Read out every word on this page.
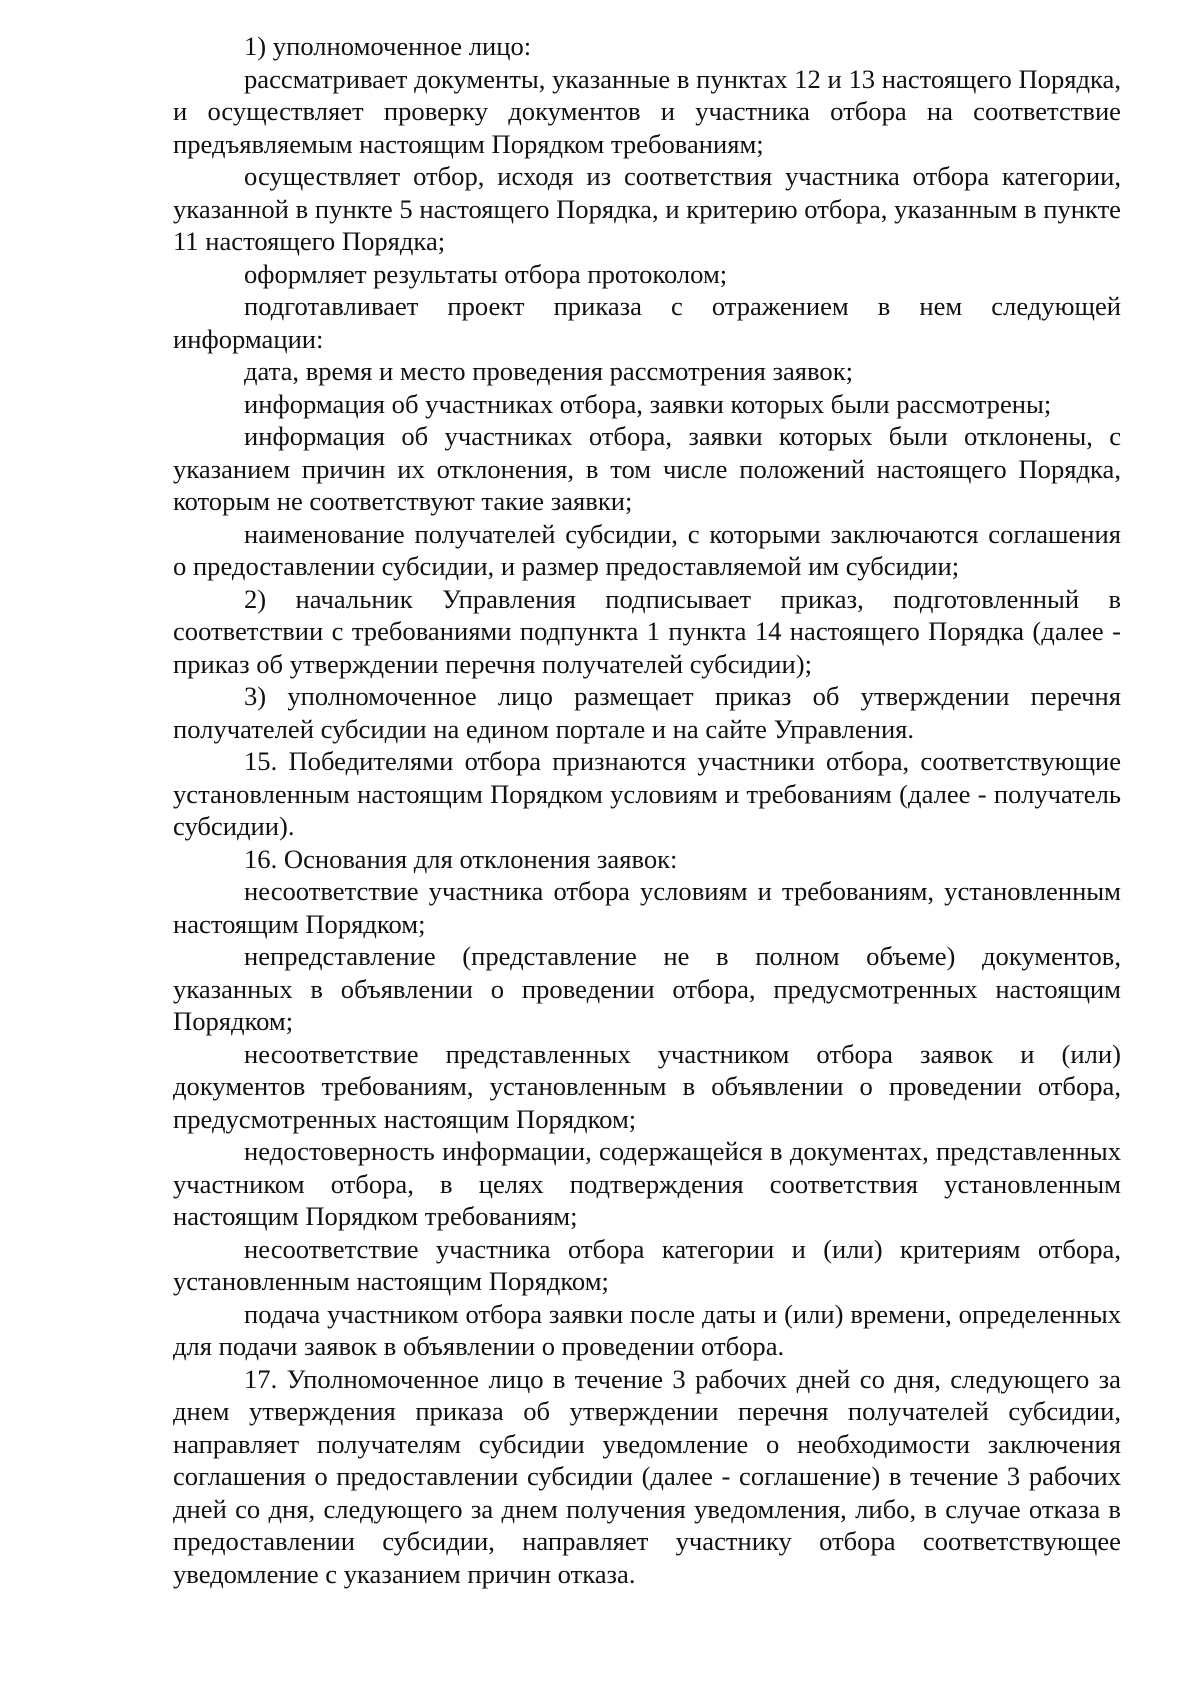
1) уполномоченное лицо:

рассматривает документы, указанные в пунктах 12 и 13 настоящего Порядка, и осуществляет проверку документов и участника отбора на соответствие предъявляемым настоящим Порядком требованиям;

осуществляет отбор, исходя из соответствия участника отбора категории, указанной в пункте 5 настоящего Порядка, и критерию отбора, указанным в пункте 11 настоящего Порядка;

оформляет результаты отбора протоколом;

подготавливает проект приказа с отражением в нем следующей информации:

дата, время и место проведения рассмотрения заявок;

информация об участниках отбора, заявки которых были рассмотрены;

информация об участниках отбора, заявки которых были отклонены, с указанием причин их отклонения, в том числе положений настоящего Порядка, которым не соответствуют такие заявки;

наименование получателей субсидии, с которыми заключаются соглашения о предоставлении субсидии, и размер предоставляемой им субсидии;

2) начальник Управления подписывает приказ, подготовленный в соответствии с требованиями подпункта 1 пункта 14 настоящего Порядка (далее - приказ об утверждении перечня получателей субсидии);

3) уполномоченное лицо размещает приказ об утверждении перечня получателей субсидии на едином портале и на сайте Управления.

15. Победителями отбора признаются участники отбора, соответствующие установленным настоящим Порядком условиям и требованиям (далее - получатель субсидии).

16. Основания для отклонения заявок:

несоответствие участника отбора условиям и требованиям, установленным настоящим Порядком;

непредставление (представление не в полном объеме) документов, указанных в объявлении о проведении отбора, предусмотренных настоящим Порядком;

несоответствие представленных участником отбора заявок и (или) документов требованиям, установленным в объявлении о проведении отбора, предусмотренных настоящим Порядком;

недостоверность информации, содержащейся в документах, представленных участником отбора, в целях подтверждения соответствия установленным настоящим Порядком требованиям;

несоответствие участника отбора категории и (или) критериям отбора, установленным настоящим Порядком;

подача участником отбора заявки после даты и (или) времени, определенных для подачи заявок в объявлении о проведении отбора.

17. Уполномоченное лицо в течение 3 рабочих дней со дня, следующего за днем утверждения приказа об утверждении перечня получателей субсидии, направляет получателям субсидии уведомление о необходимости заключения соглашения о предоставлении субсидии (далее - соглашение) в течение 3 рабочих дней со дня, следующего за днем получения уведомления, либо, в случае отказа в предоставлении субсидии, направляет участнику отбора соответствующее уведомление с указанием причин отказа.
